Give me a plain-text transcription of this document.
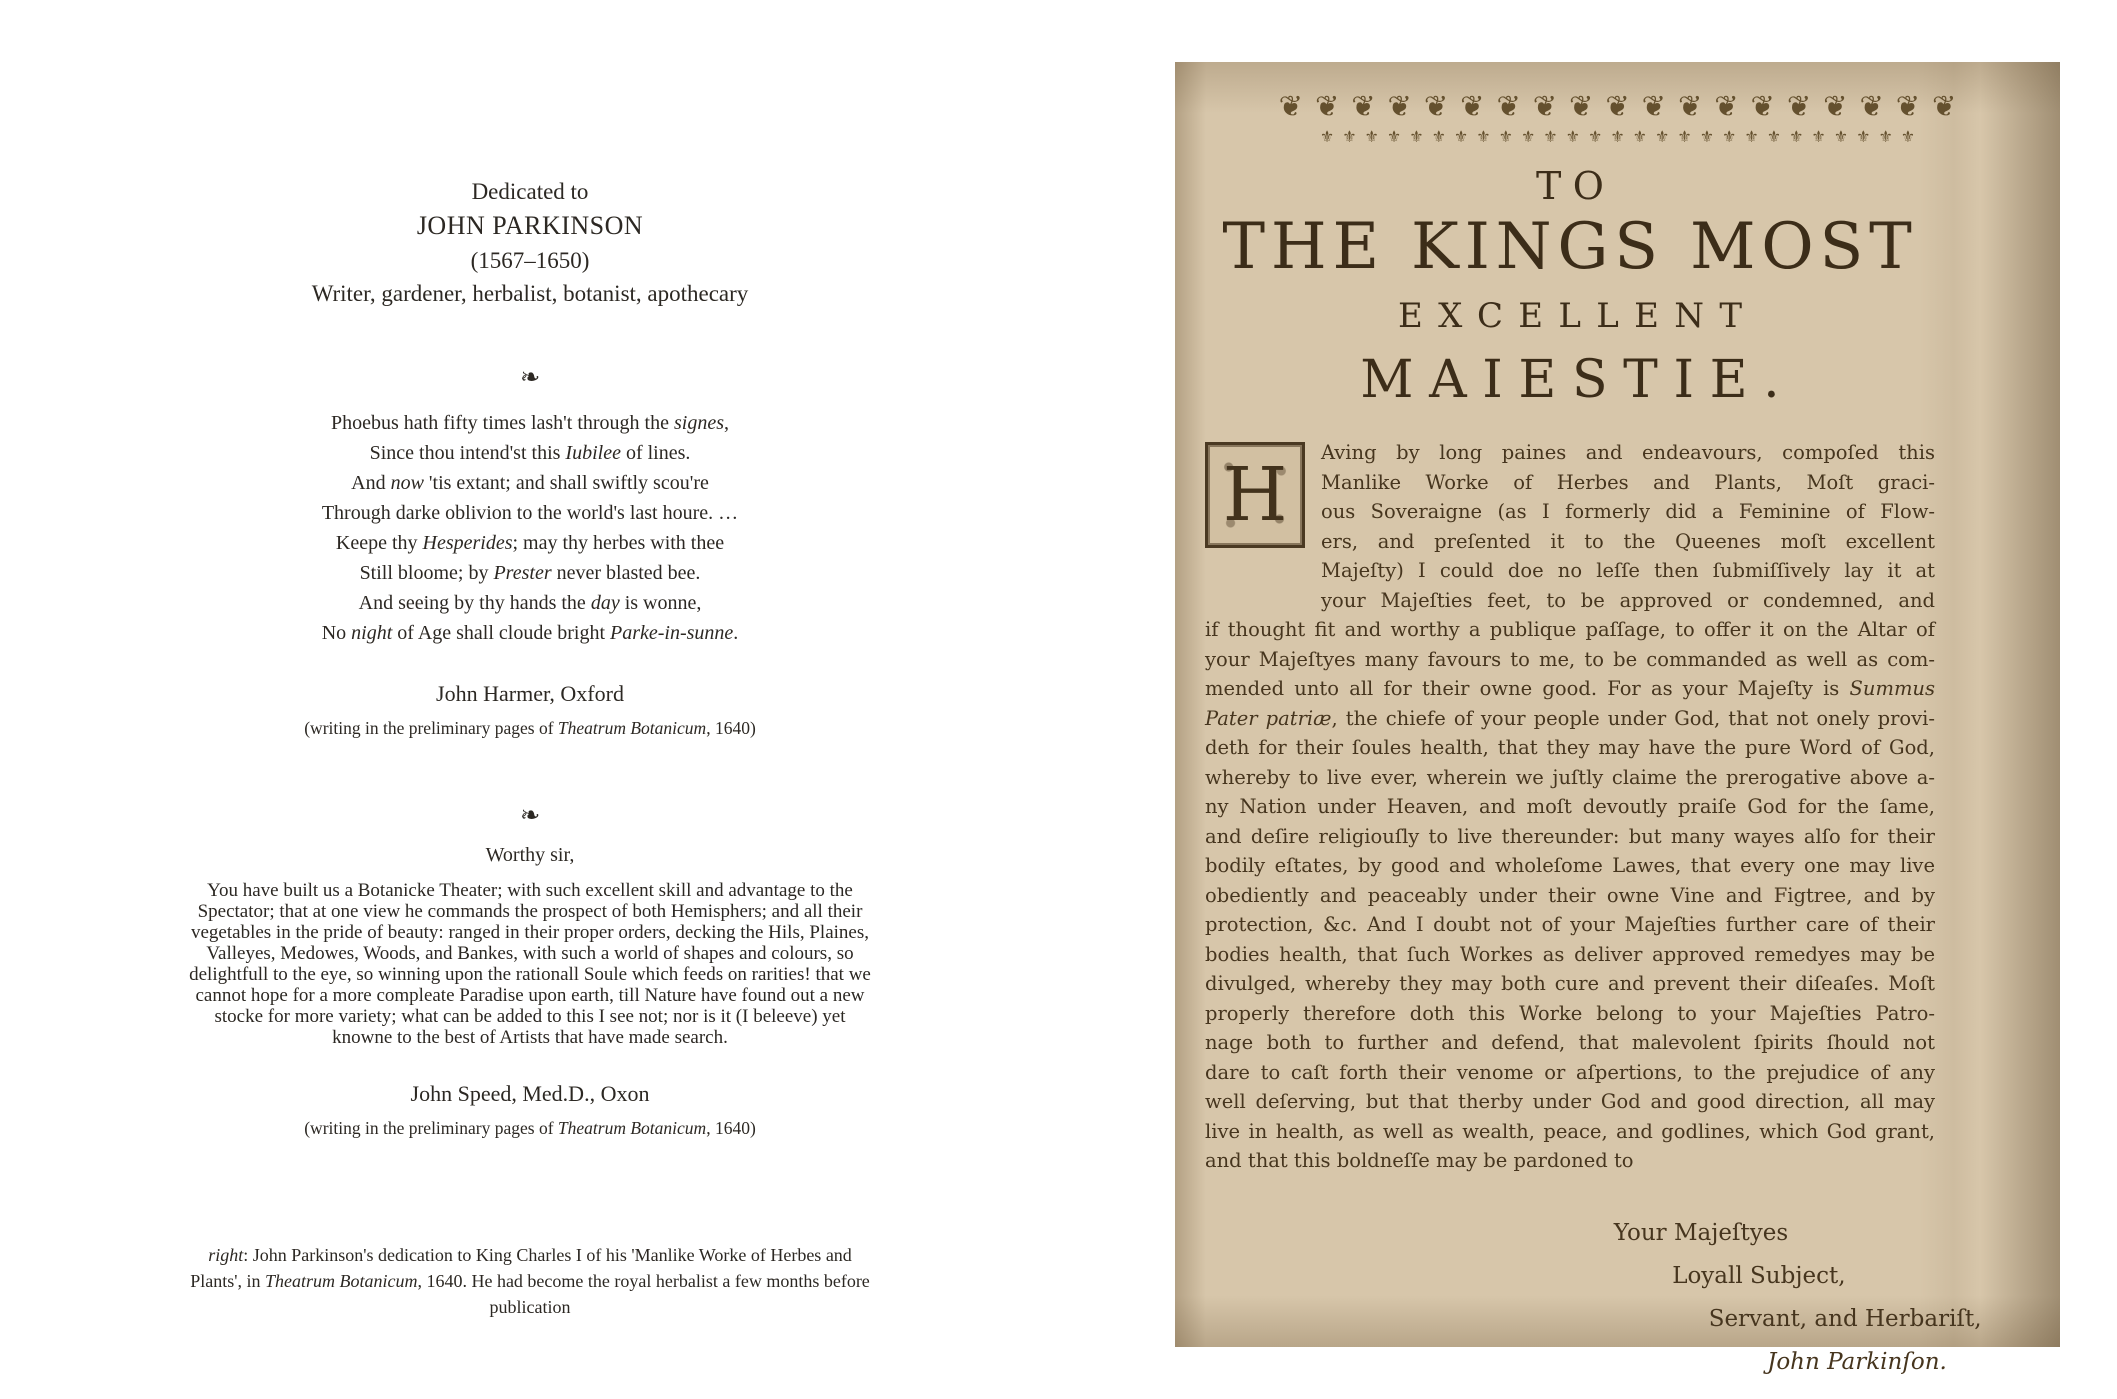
Dedicated to
JOHN PARKINSON
(1567–1650)
Writer, gardener, herbalist, botanist, apothecary
❧
Phoebus hath fifty times lash't through the signes,
Since thou intend'st this Iubilee of lines.
And now 'tis extant; and shall swiftly scou're
Through darke oblivion to the world's last houre. …
Keepe thy Hesperides; may thy herbes with thee
Still bloome; by Prester never blasted bee.
And seeing by thy hands the day is wonne,
No night of Age shall cloude bright Parke-in-sunne.
John Harmer, Oxford
(writing in the preliminary pages of Theatrum Botanicum, 1640)
❧
Worthy sir,

You have built us a Botanicke Theater; with such excellent skill and advantage to the Spectator; that at one view he commands the prospect of both Hemisphers; and all their vegetables in the pride of beauty: ranged in their proper orders, decking the Hils, Plaines, Valleyes, Medowes, Woods, and Bankes, with such a world of shapes and colours, so delightfull to the eye, so winning upon the rationall Soule which feeds on rarities! that we cannot hope for a more compleate Paradise upon earth, till Nature have found out a new stocke for more variety; what can be added to this I see not; nor is it (I beleeve) yet knowne to the best of Artists that have made search.

John Speed, Med.D., Oxon
(writing in the preliminary pages of Theatrum Botanicum, 1640)
right: John Parkinson's dedication to King Charles I of his 'Manlike Worke of Herbes and Plants', in Theatrum Botanicum, 1640. He had become the royal herbalist a few months before publication
❦❦❦❦❦❦❦❦❦❦❦❦❦❦❦❦❦❦❦
⚜⚜⚜⚜⚜⚜⚜⚜⚜⚜⚜⚜⚜⚜⚜⚜⚜⚜⚜⚜⚜⚜⚜⚜⚜⚜⚜
TO
THE KINGS MOST
EXCELLENT
MAIESTIE.
H Aving by long paines and endeavours, compoſed this
Manlike Worke of Herbes and Plants, Moſt graci-
ous Soveraigne (as I formerly did a Feminine of Flow-
ers, and preſented it to the Queenes moſt excellent
Majeſty) I could doe no leſſe then ſubmiſſively lay it at
your Majeſties feet, to be approved or condemned, and
if thought fit and worthy a publique paſſage, to offer it on the Altar of
your Majeſtyes many favours to me, to be commanded as well as com-
mended unto all for their owne good. For as your Majeſty is Summus
Pater patriæ, the chiefe of your people under God, that not onely provi-
deth for their ſoules health, that they may have the pure Word of God,
whereby to live ever, wherein we juſtly claime the prerogative above a-
ny Nation under Heaven, and moſt devoutly praiſe God for the ſame,
and deſire religiouſly to live thereunder: but many wayes alſo for their
bodily eſtates, by good and wholeſome Lawes, that every one may live
obediently and peaceably under their owne Vine and Figtree, and by
protection, &c. And I doubt not of your Majeſties further care of their
bodies health, that ſuch Workes as deliver approved remedyes may be
divulged, whereby they may both cure and prevent their diſeaſes. Moſt
properly therefore doth this Worke belong to your Majeſties Patro-
nage both to further and defend, that malevolent ſpirits ſhould not
dare to caſt forth their venome or aſpertions, to the prejudice of any
well deſerving, but that therby under God and good direction, all may
live in health, as well as wealth, peace, and godlines, which God grant,
and that this boldneſſe may be pardoned to
Your Majeſtyes
Loyall Subject,
Servant, and Herbariſt,
John Parkinſon.
